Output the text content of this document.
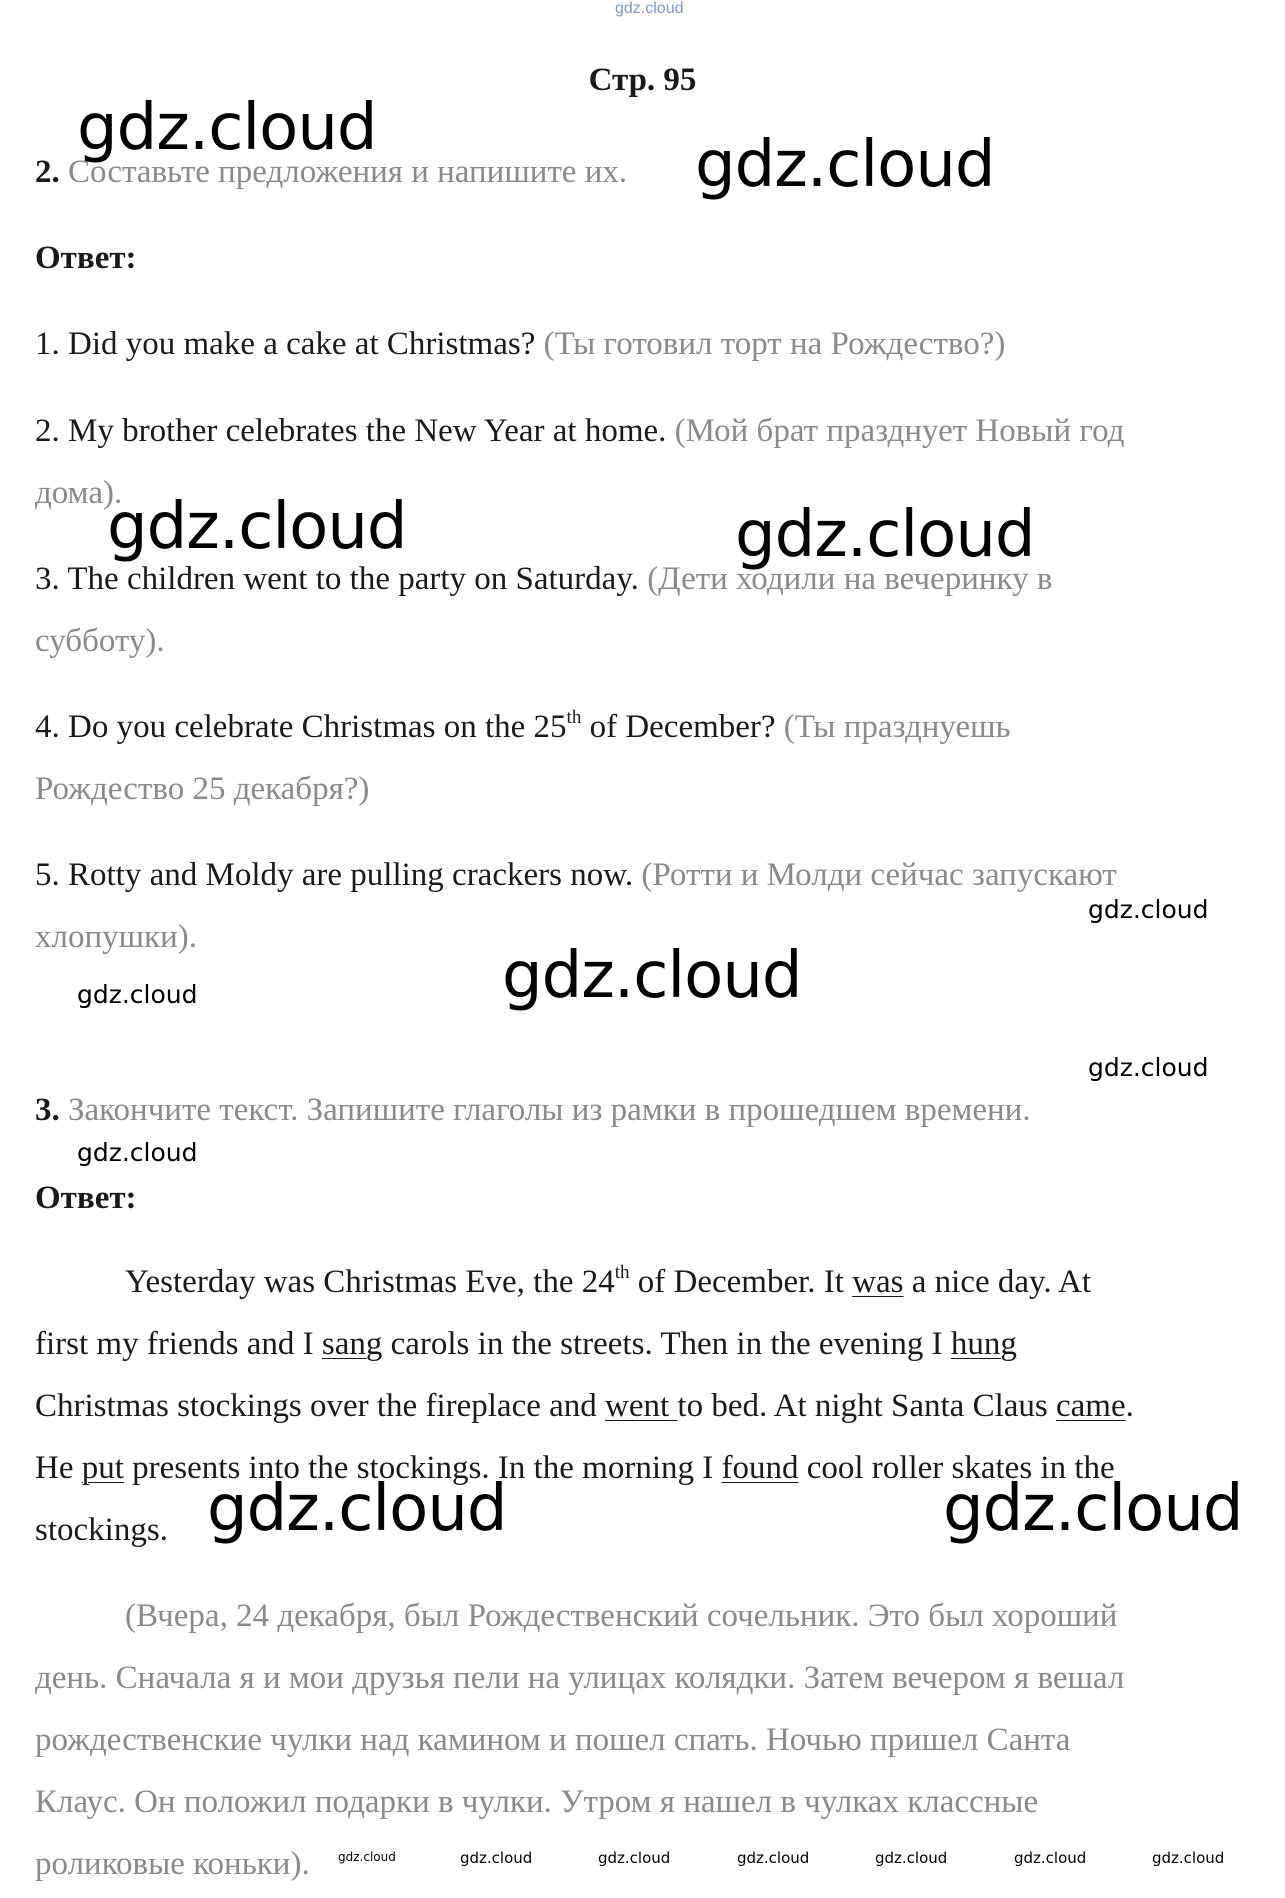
gdz.cloud
Стр. 95
2. Составьте предложения и напишите их.
Ответ:
1. Did you make a cake at Christmas? (Ты готовил торт на Рождество?)
2. My brother celebrates the New Year at home. (Мой брат празднует Новый год
дома).
3. The children went to the party on Saturday. (Дети ходили на вечеринку в
субботу).
4. Do you celebrate Christmas on the 25th of December? (Ты празднуешь
Рождество 25 декабря?)
5. Rotty and Moldy are pulling crackers now. (Ротти и Молди сейчас запускают
хлопушки).
3. Закончите текст. Запишите глаголы из рамки в прошедшем времени.
Ответ:
Yesterday was Christmas Eve, the 24th of December. It was a nice day. At
first my friends and I sang carols in the streets. Then in the evening I hung
Christmas stockings over the fireplace and went to bed. At night Santa Claus came.
He put presents into the stockings. In the morning I found cool roller skates in the
stockings.
(Вчера, 24 декабря, был Рождественский сочельник. Это был хороший
день. Сначала я и мои друзья пели на улицах колядки. Затем вечером я вешал
рождественские чулки над камином и пошел спать. Ночью пришел Санта
Клаус. Он положил подарки в чулки. Утром я нашел в чулках классные
роликовые коньки).
gdz.cloud	gdz.cloud
gdz.cloud	gdz.cloud
gdz.cloud
gdz.cloud	gdz.cloud
gdz.cloud
gdz.cloud
gdz.cloud
gdz.cloud
gdz.cloud	gdz.cloud	gdz.cloud	gdz.cloud	gdz.cloud	gdz.cloud	gdz.cloud
